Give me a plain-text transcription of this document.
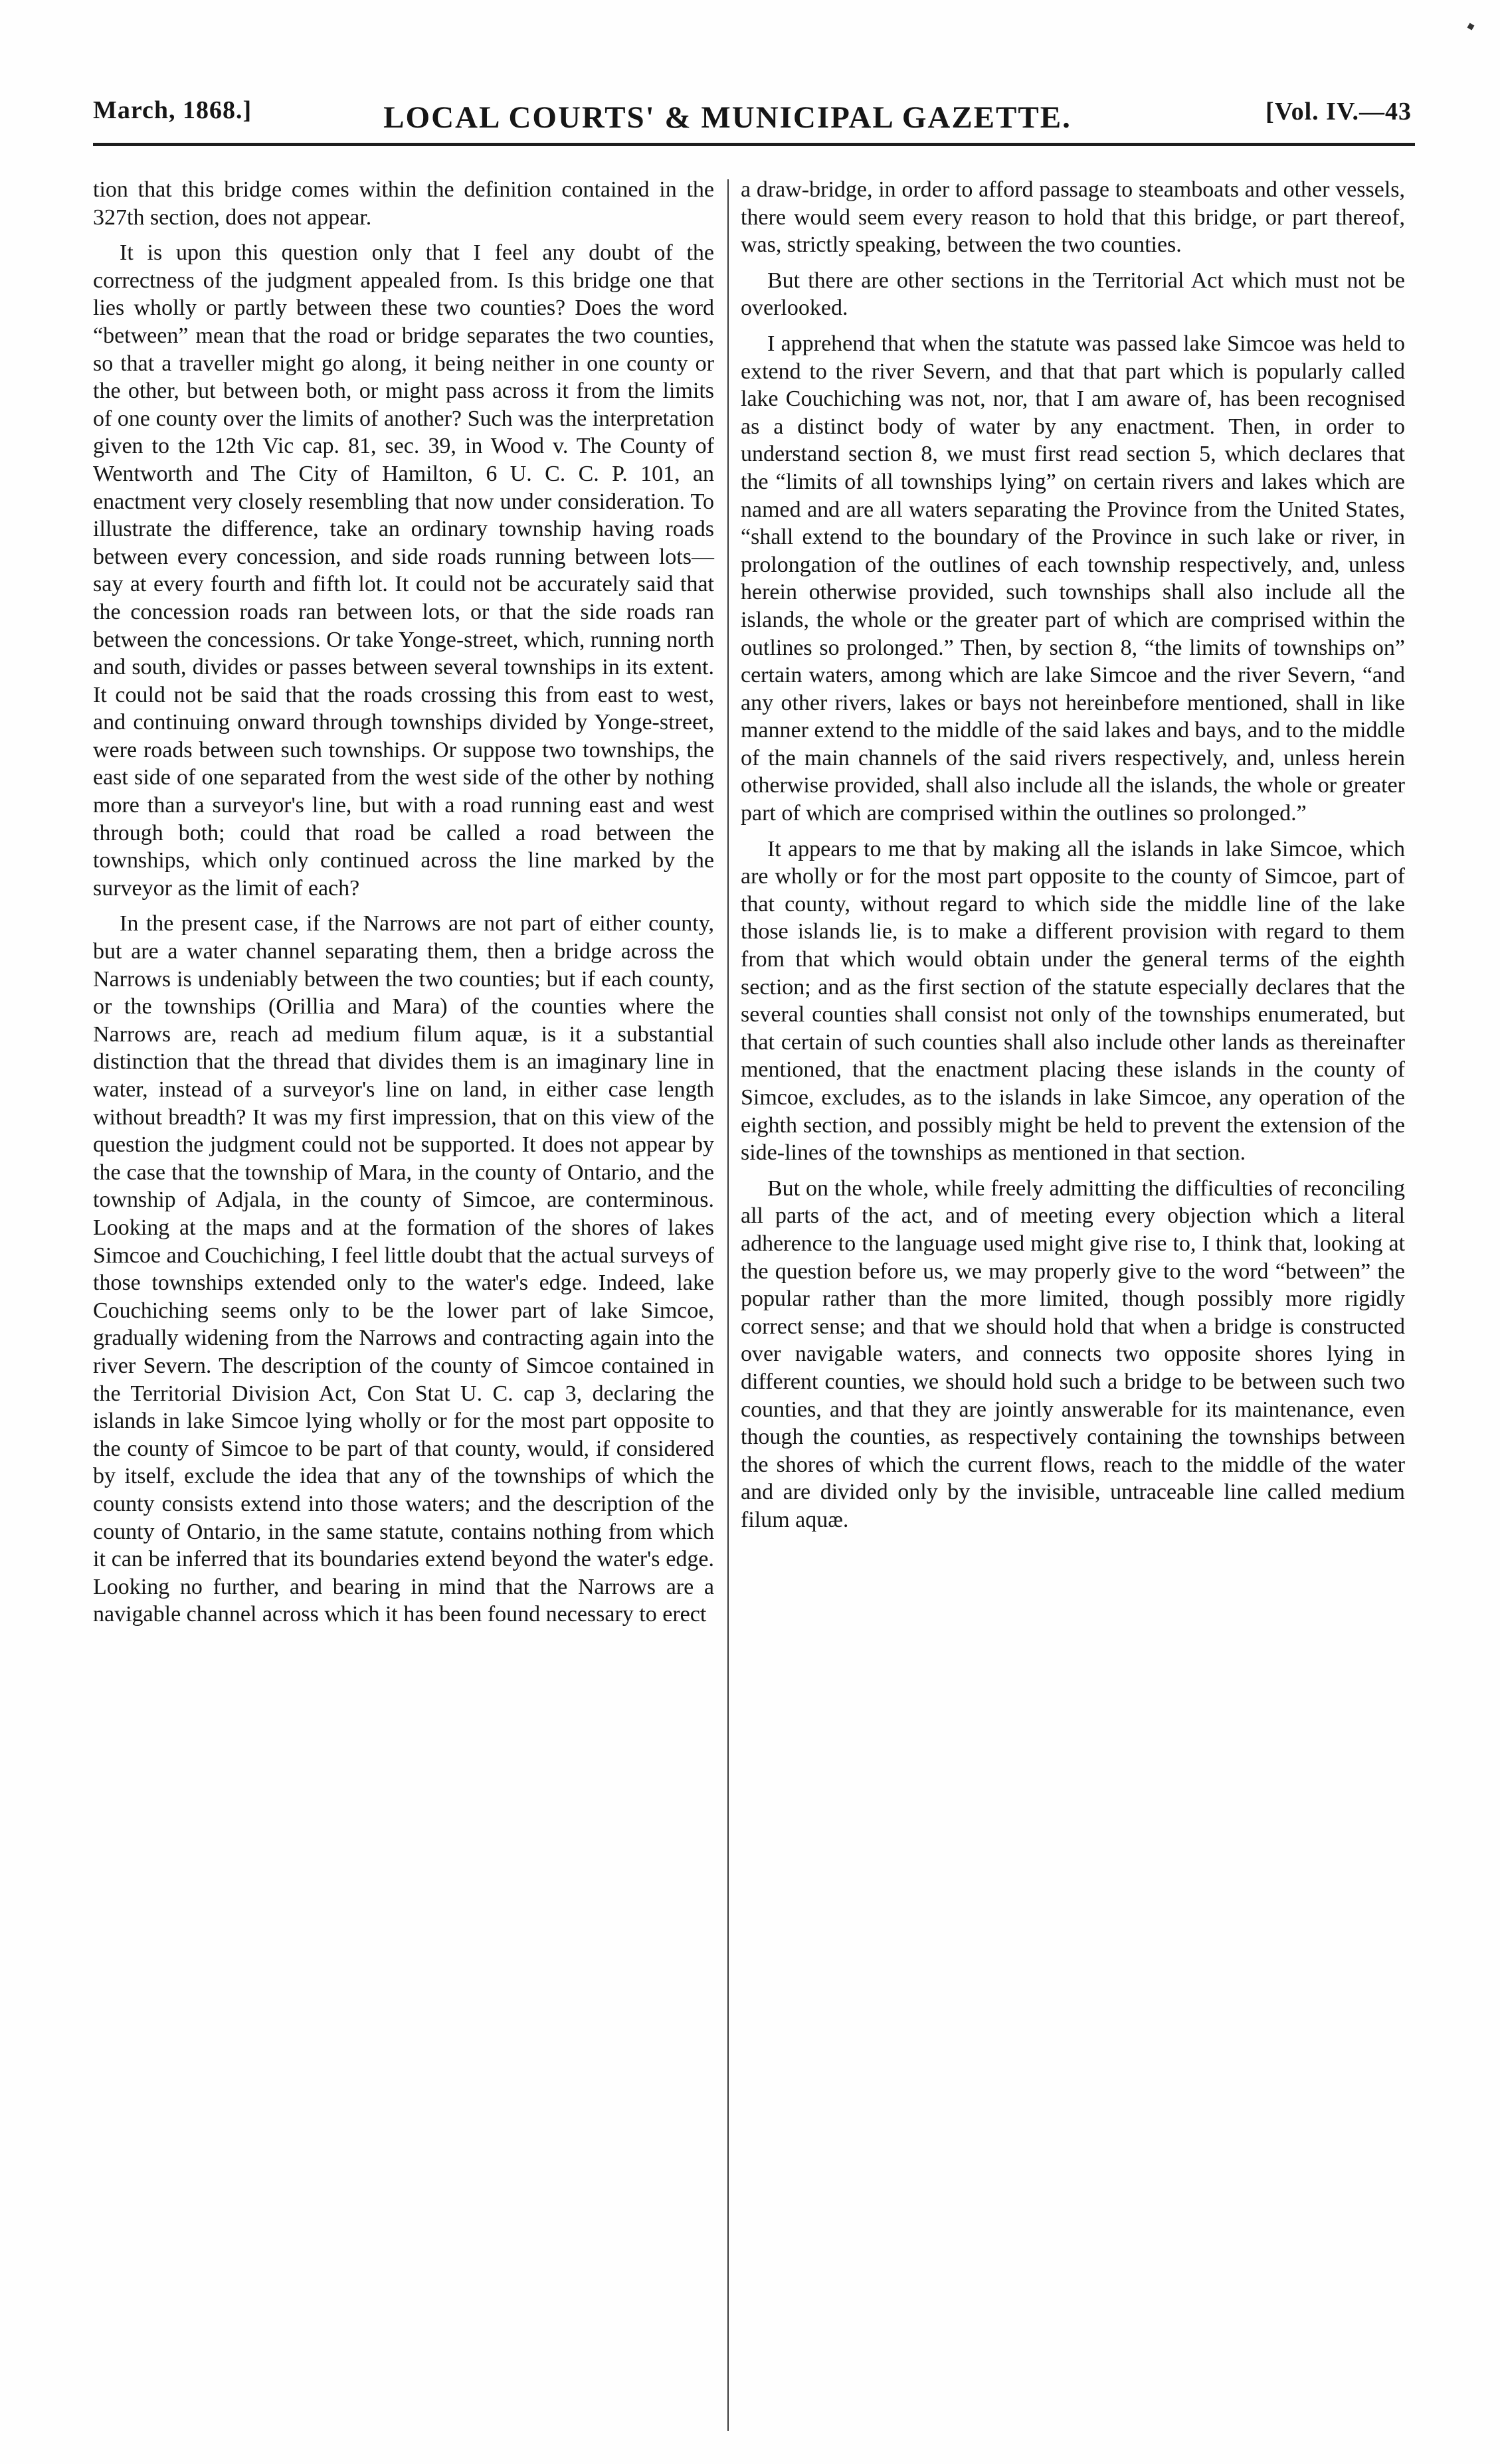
March, 1868.]	LOCAL COURTS' & MUNICIPAL GAZETTE.	[Vol. IV.—43

tion that this bridge comes within the definition contained in the 327th section, does not appear.

It is upon this question only that I feel any doubt of the correctness of the judgment appealed from. Is this bridge one that lies wholly or partly between these two counties? Does the word “between” mean that the road or bridge separates the two counties, so that a traveller might go along, it being neither in one county or the other, but between both, or might pass across it from the limits of one county over the limits of another? Such was the interpretation given to the 12th Vic cap. 81, sec. 39, in Wood v. The County of Wentworth and The City of Hamilton, 6 U. C. C. P. 101, an enactment very closely resembling that now under consideration. To illustrate the difference, take an ordinary township having roads between every concession, and side roads running between lots—say at every fourth and fifth lot. It could not be accurately said that the concession roads ran between lots, or that the side roads ran between the concessions. Or take Yonge-street, which, running north and south, divides or passes between several townships in its extent. It could not be said that the roads crossing this from east to west, and continuing onward through townships divided by Yonge-street, were roads between such townships. Or suppose two townships, the east side of one separated from the west side of the other by nothing more than a surveyor's line, but with a road running east and west through both; could that road be called a road between the townships, which only continued across the line marked by the surveyor as the limit of each?

In the present case, if the Narrows are not part of either county, but are a water channel separating them, then a bridge across the Narrows is undeniably between the two counties; but if each county, or the townships (Orillia and Mara) of the counties where the Narrows are, reach ad medium filum aquæ, is it a substantial distinction that the thread that divides them is an imaginary line in water, instead of a surveyor's line on land, in either case length without breadth? It was my first impression, that on this view of the question the judgment could not be supported. It does not appear by the case that the township of Mara, in the county of Ontario, and the township of Adjala, in the county of Simcoe, are conterminous. Looking at the maps and at the formation of the shores of lakes Simcoe and Couchiching, I feel little doubt that the actual surveys of those townships extended only to the water's edge. Indeed, lake Couchiching seems only to be the lower part of lake Simcoe, gradually widening from the Narrows and contracting again into the river Severn. The description of the county of Simcoe contained in the Territorial Division Act, Con Stat U. C. cap 3, declaring the islands in lake Simcoe lying wholly or for the most part opposite to the county of Simcoe to be part of that county, would, if considered by itself, exclude the idea that any of the townships of which the county consists extend into those waters; and the description of the county of Ontario, in the same statute, contains nothing from which it can be inferred that its boundaries extend beyond the water's edge. Looking no further, and bearing in mind that the Narrows are a navigable channel across which it has been found necessary to erect

a draw-bridge, in order to afford passage to steamboats and other vessels, there would seem every reason to hold that this bridge, or part thereof, was, strictly speaking, between the two counties.

But there are other sections in the Territorial Act which must not be overlooked.

I apprehend that when the statute was passed lake Simcoe was held to extend to the river Severn, and that that part which is popularly called lake Couchiching was not, nor, that I am aware of, has been recognised as a distinct body of water by any enactment. Then, in order to understand section 8, we must first read section 5, which declares that the “limits of all townships lying” on certain rivers and lakes which are named and are all waters separating the Province from the United States, “shall extend to the boundary of the Province in such lake or river, in prolongation of the outlines of each township respectively, and, unless herein otherwise provided, such townships shall also include all the islands, the whole or the greater part of which are comprised within the outlines so prolonged.” Then, by section 8, “the limits of townships on” certain waters, among which are lake Simcoe and the river Severn, “and any other rivers, lakes or bays not hereinbefore mentioned, shall in like manner extend to the middle of the said lakes and bays, and to the middle of the main channels of the said rivers respectively, and, unless herein otherwise provided, shall also include all the islands, the whole or greater part of which are comprised within the outlines so prolonged.”

It appears to me that by making all the islands in lake Simcoe, which are wholly or for the most part opposite to the county of Simcoe, part of that county, without regard to which side the middle line of the lake those islands lie, is to make a different provision with regard to them from that which would obtain under the general terms of the eighth section; and as the first section of the statute especially declares that the several counties shall consist not only of the townships enumerated, but that certain of such counties shall also include other lands as thereinafter mentioned, that the enactment placing these islands in the county of Simcoe, excludes, as to the islands in lake Simcoe, any operation of the eighth section, and possibly might be held to prevent the extension of the side-lines of the townships as mentioned in that section.

But on the whole, while freely admitting the difficulties of reconciling all parts of the act, and of meeting every objection which a literal adherence to the language used might give rise to, I think that, looking at the question before us, we may properly give to the word “between” the popular rather than the more limited, though possibly more rigidly correct sense; and that we should hold that when a bridge is constructed over navigable waters, and connects two opposite shores lying in different counties, we should hold such a bridge to be between such two counties, and that they are jointly answerable for its maintenance, even though the counties, as respectively containing the townships between the shores of which the current flows, reach to the middle of the water and are divided only by the invisible, untraceable line called medium filum aquæ.
